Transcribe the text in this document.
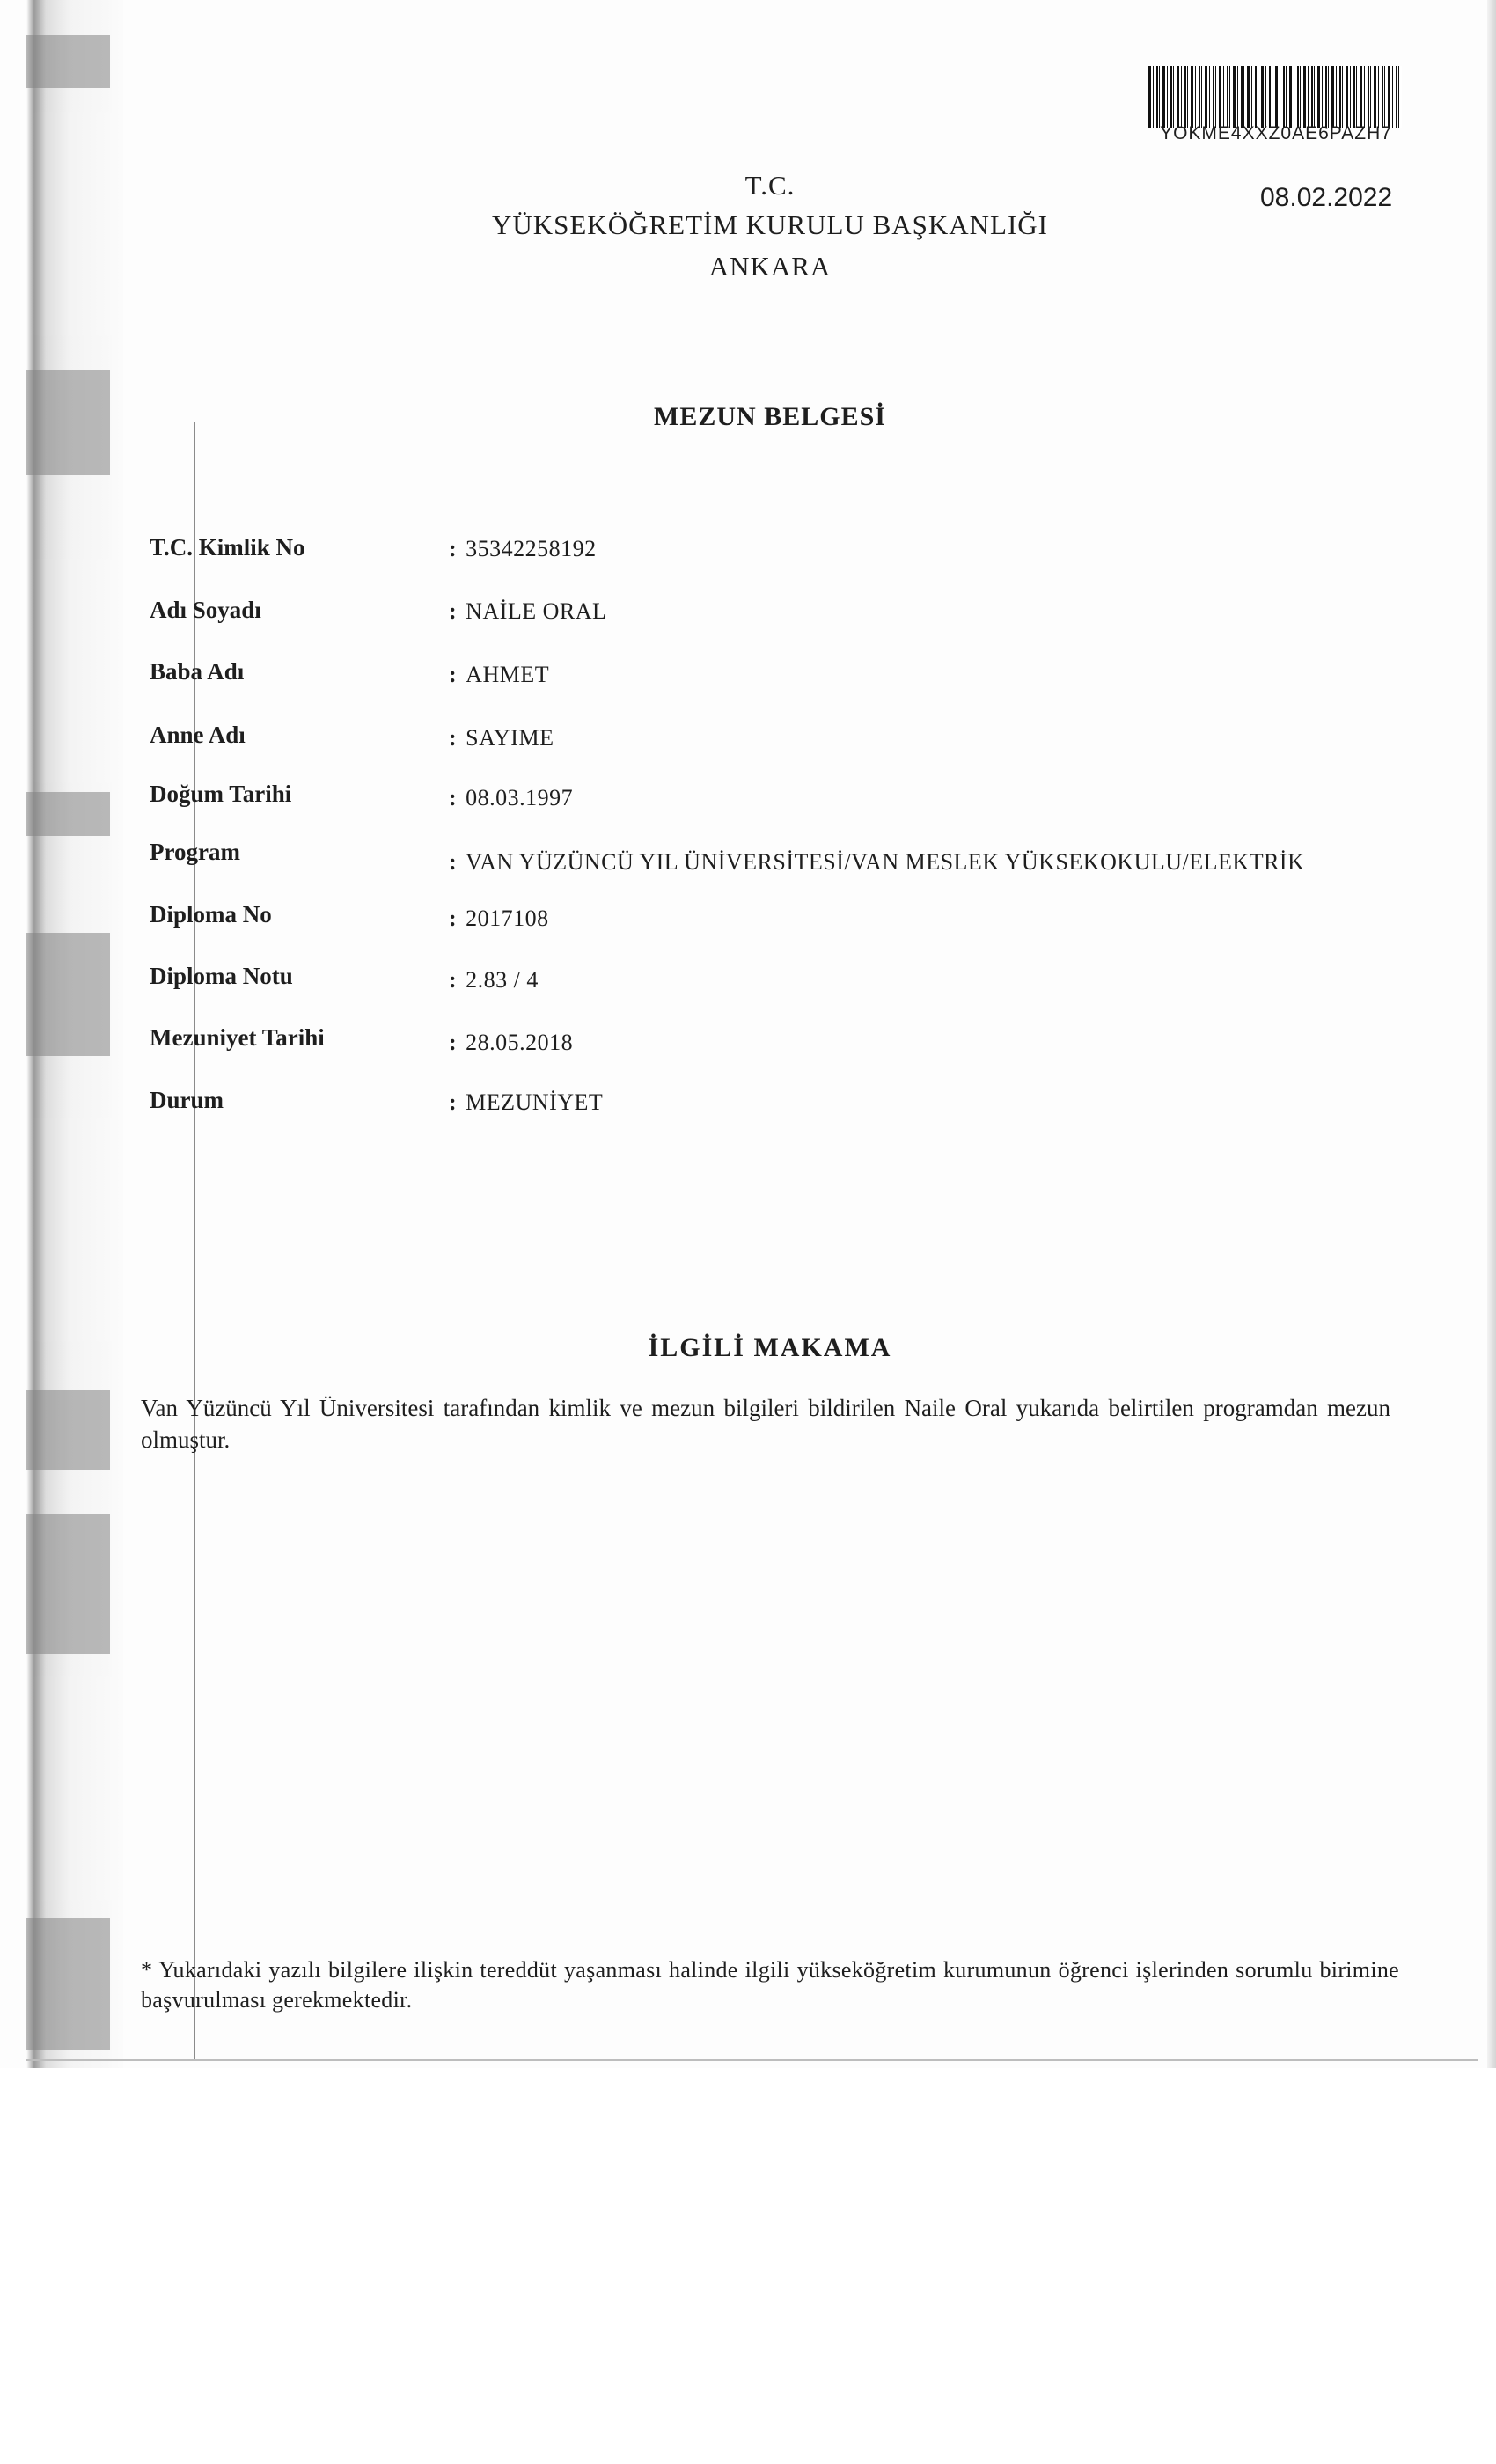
YOKME4XXZ0AE6PAZH7
08.02.2022
T.C.
YÜKSEKÖĞRETİM KURULU BAŞKANLIĞI
ANKARA
MEZUN BELGESİ
T.C. Kimlik No	: 35342258192
Adı Soyadı	: NAİLE ORAL
Baba Adı	: AHMET
Anne Adı	: SAYIME
Doğum Tarihi	: 08.03.1997
Program	: VAN YÜZÜNCÜ YIL ÜNİVERSİTESİ/VAN MESLEK YÜKSEKOKULU/ELEKTRİK
Diploma No	: 2017108
Diploma Notu	: 2.83 / 4
Mezuniyet Tarihi	: 28.05.2018
Durum	: MEZUNİYET
İLGİLİ MAKAMA
Van Yüzüncü Yıl Üniversitesi tarafından kimlik ve mezun bilgileri bildirilen Naile Oral yukarıda belirtilen programdan mezun olmuştur.
* Yukarıdaki yazılı bilgilere ilişkin tereddüt yaşanması halinde ilgili yükseköğretim kurumunun öğrenci işlerinden sorumlu birimine başvurulması gerekmektedir.
